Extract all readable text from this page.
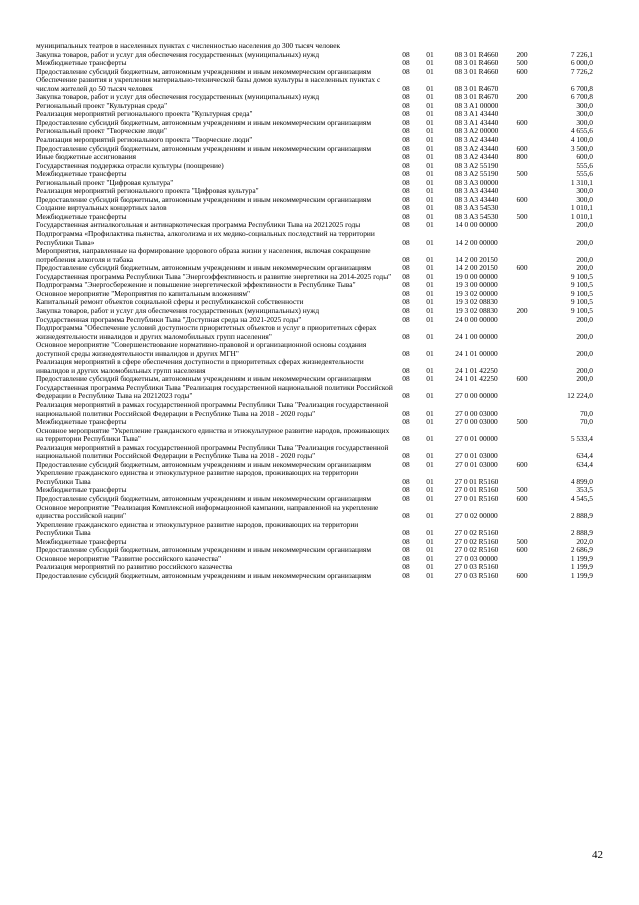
муниципальных театров в населенных пунктах с численностью населения до 300 тысяч человек					
Закупка товаров, работ и услуг для обеспечения государственных (муниципальных) нужд	08	01	08 3 01 R4660	200	7 226,1
Межбюджетные трансферты	08	01	08 3 01 R4660	500	6 000,0
Предоставление субсидий бюджетным, автономным учреждениям и иным некоммерческим организациям	08	01	08 3 01 R4660	600	7 726,2
Обеспечение развития и укрепления материально-технической базы домов культуры в населенных пунктах с числом жителей до 50 тысяч человек	08	01	08 3 01 R4670		6 700,8
Закупка товаров, работ и услуг для обеспечения государственных (муниципальных) нужд	08	01	08 3 01 R4670	200	6 700,8
Региональный проект "Культурная среда"	08	01	08 3 A1 00000		300,0
Реализация мероприятий регионального проекта "Культурная среда"	08	01	08 3 A1 43440		300,0
Предоставление субсидий бюджетным, автономным учреждениям и иным некоммерческим организациям	08	01	08 3 A1 43440	600	300,0
Региональный проект "Творческие люди"	08	01	08 3 A2 00000		4 655,6
Реализация мероприятий регионального проекта "Творческие люди"	08	01	08 3 A2 43440		4 100,0
Предоставление субсидий бюджетным, автономным учреждениям и иным некоммерческим организациям	08	01	08 3 A2 43440	600	3 500,0
Иные бюджетные ассигнования	08	01	08 3 A2 43440	800	600,0
Государственная поддержка отрасли культуры (поощрение)	08	01	08 3 A2 55190		555,6
Межбюджетные трансферты	08	01	08 3 A2 55190	500	555,6
Региональный проект "Цифровая культура"	08	01	08 3 A3 00000		1 310,1
Реализация мероприятий регионального проекта "Цифровая культура"	08	01	08 3 A3 43440		300,0
Предоставление субсидий бюджетным, автономным учреждениям и иным некоммерческим организациям	08	01	08 3 A3 43440	600	300,0
Создание виртуальных концертных залов	08	01	08 3 A3 54530		1 010,1
Межбюджетные трансферты	08	01	08 3 A3 54530	500	1 010,1
Государственная антиалкогольная и антинаркотическая программа Республики Тыва на 20212025 годы	08	01	14 0 00 00000		200,0
Подпрограмма «Профилактика пьянства, алкоголизма и их медико-социальных последствий на территории Республики Тыва»	08	01	14 2 00 00000		200,0
Мероприятия, направленные на формирование здорового образа жизни у населения, включая сокращение потребления алкоголя и табака	08	01	14 2 00 20150		200,0
Предоставление субсидий бюджетным, автономным учреждениям и иным некоммерческим организациям	08	01	14 2 00 20150	600	200,0
Государственная программа Республики Тыва "Энергоэффективность и развитие энергетики на 2014-2025 годы"	08	01	19 0 00 00000		9 100,5
Подпрограмма "Энергосбережение и повышение энергетической эффективности в Республике Тыва"	08	01	19 3 00 00000		9 100,5
Основное мероприятие "Мероприятия по капитальным вложениям"	08	01	19 3 02 00000		9 100,5
Капитальный ремонт объектов социальной сферы и республиканской собственности	08	01	19 3 02 08830		9 100,5
Закупка товаров, работ и услуг для обеспечения государственных (муниципальных) нужд	08	01	19 3 02 08830	200	9 100,5
Государственная программа Республики Тыва "Доступная среда на 2021-2025 годы"	08	01	24 0 00 00000		200,0
Подпрограмма "Обеспечение условий доступности приоритетных объектов и услуг в приоритетных сферах жизнедеятельности инвалидов и других маломобильных групп населения"	08	01	24 1 00 00000		200,0
Основное мероприятие "Совершенствование нормативно-правовой и организационной основы создания доступной среды жизнедеятельности инвалидов и других МГН"	08	01	24 1 01 00000		200,0
Реализация мероприятий в сфере обеспечения доступности в приоритетных сферах жизнедеятельности инвалидов и других маломобильных групп населения	08	01	24 1 01 42250		200,0
Предоставление субсидий бюджетным, автономным учреждениям и иным некоммерческим организациям	08	01	24 1 01 42250	600	200,0
Государственная программа Республики Тыва "Реализация государственной национальной политики Российской Федерации в Республике Тыва на 20212023 годы"	08	01	27 0 00 00000		12 224,0
Реализация мероприятий в рамках государственной программы Республики Тыва "Реализация государственной национальной политики Российской Федерации в Республике Тыва на 2018 - 2020 годы"	08	01	27 0 00 03000		70,0
Межбюджетные трансферты	08	01	27 0 00 03000	500	70,0
Основное мероприятие "Укрепление гражданского единства и этнокультурное развитие народов, проживающих на территории Республики Тыва"	08	01	27 0 01 00000		5 533,4
Реализация мероприятий в рамках государственной программы Республики Тыва "Реализация государственной национальной политики Российской Федерации в Республике Тыва на 2018 - 2020 годы"	08	01	27 0 01 03000		634,4
Предоставление субсидий бюджетным, автономным учреждениям и иным некоммерческим организациям	08	01	27 0 01 03000	600	634,4
Укрепление гражданского единства и этнокультурное развитие народов, проживающих на территории Республики Тыва	08	01	27 0 01 R5160		4 899,0
Межбюджетные трансферты	08	01	27 0 01 R5160	500	353,5
Предоставление субсидий бюджетным, автономным учреждениям и иным некоммерческим организациям	08	01	27 0 01 R5160	600	4 545,5
Основное мероприятие "Реализация Комплексной информационной кампании, направленной на укрепление единства российской нации"	08	01	27 0 02 00000		2 888,9
Укрепление гражданского единства и этнокультурное развитие народов, проживающих на территории Республики Тыва	08	01	27 0 02 R5160		2 888,9
Межбюджетные трансферты	08	01	27 0 02 R5160	500	202,0
Предоставление субсидий бюджетным, автономным учреждениям и иным некоммерческим организациям	08	01	27 0 02 R5160	600	2 686,9
Основное мероприятие "Развитие российского казачества"	08	01	27 0 03 00000		1 199,9
Реализация мероприятий по развитию российского казачества	08	01	27 0 03 R5160		1 199,9
Предоставление субсидий бюджетным, автономным учреждениям и иным некоммерческим организациям	08	01	27 0 03 R5160	600	1 199,9
42
